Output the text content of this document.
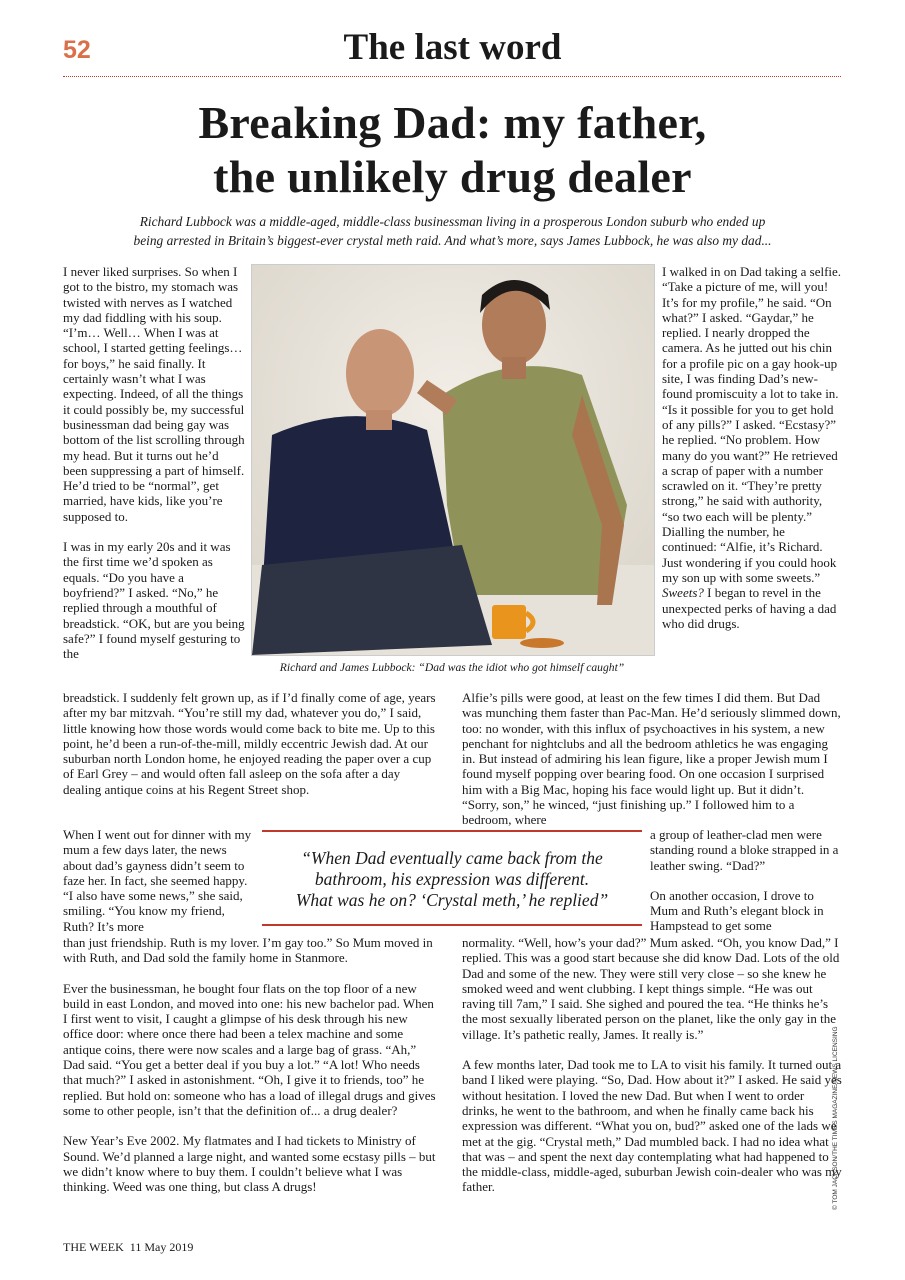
52	The last word
Breaking Dad: my father,
the unlikely drug dealer
Richard Lubbock was a middle-aged, middle-class businessman living in a prosperous London suburb who ended up
being arrested in Britain’s biggest-ever crystal meth raid. And what’s more, says James Lubbock, he was also my dad...
Richard and James Lubbock: “Dad was the idiot who got himself caught”

I never liked surprises. So when I got to the bistro, my stomach was twisted with nerves as I watched my dad fiddling with his soup. “I’m… Well… When I was at school, I started getting feelings… for boys,” he said finally. It certainly wasn’t what I was expecting. Indeed, of all the things it could possibly be, my successful businessman dad being gay was bottom of the list scrolling through my head. But it turns out he’d been suppressing a part of himself. He’d tried to be “normal”, get married, have kids, like you’re supposed to.

I was in my early 20s and it was the first time we’d spoken as equals. “Do you have a boyfriend?” I asked. “No,” he replied through a mouthful of breadstick. “OK, but are you being safe?” I found myself gesturing to the

I walked in on Dad taking a selfie. “Take a picture of me, will you! It’s for my profile,” he said. “On what?” I asked. “Gaydar,” he replied. I nearly dropped the camera. As he jutted out his chin for a profile pic on a gay hook-up site, I was finding Dad’s new-found promiscuity a lot to take in. “Is it possible for you to get hold of any pills?” I asked. “Ecstasy?” he replied. “No problem. How many do you want?” He retrieved a scrap of paper with a number scrawled on it. “They’re pretty strong,” he said with authority, “so two each will be plenty.” Dialling the number, he continued: “Alfie, it’s Richard. Just wondering if you could hook my son up with some sweets.” Sweets? I began to revel in the unexpected perks of having a dad who did drugs.

breadstick. I suddenly felt grown up, as if I’d finally come of age, years after my bar mitzvah. “You’re still my dad, whatever you do,” I said, little knowing how those words would come back to bite me. Up to this point, he’d been a run-of-the-mill, mildly eccentric Jewish dad. At our suburban north London home, he enjoyed reading the paper over a cup of Earl Grey – and would often fall asleep on the sofa after a day dealing antique coins at his Regent Street shop.

When I went out for dinner with my mum a few days later, the news about dad’s gayness didn’t seem to faze her. In fact, she seemed happy. “I also have some news,” she said, smiling. “You know my friend, Ruth? It’s more

than just friendship. Ruth is my lover. I’m gay too.” So Mum moved in with Ruth, and Dad sold the family home in Stanmore.

Ever the businessman, he bought four flats on the top floor of a new build in east London, and moved into one: his new bachelor pad. When I first went to visit, I caught a glimpse of his desk through his new office door: where once there had been a telex machine and some antique coins, there were now scales and a large bag of grass. “Ah,” Dad said. “You get a better deal if you buy a lot.” “A lot! Who needs that much?” I asked in astonishment. “Oh, I give it to friends, too” he replied. But hold on: someone who has a load of illegal drugs and gives some to other people, isn’t that the definition of... a drug dealer?

New Year’s Eve 2002. My flatmates and I had tickets to Ministry of Sound. We’d planned a large night, and wanted some ecstasy pills – but we didn’t know where to buy them. I couldn’t believe what I was thinking. Weed was one thing, but class A drugs!

Alfie’s pills were good, at least on the few times I did them. But Dad was munching them faster than Pac-Man. He’d seriously slimmed down, too: no wonder, with this influx of psychoactives in his system, a new penchant for nightclubs and all the bedroom athletics he was engaging in. But instead of admiring his lean figure, like a proper Jewish mum I found myself popping over bearing food. On one occasion I surprised him with a Big Mac, hoping his face would light up. But it didn’t. “Sorry, son,” he winced, “just finishing up.” I followed him to a bedroom, where

a group of leather-clad men were standing round a bloke strapped in a leather swing. “Dad?”

On another occasion, I drove to Mum and Ruth’s elegant block in Hampstead to get some

normality. “Well, how’s your dad?” Mum asked. “Oh, you know Dad,” I replied. This was a good start because she did know Dad. Lots of the old Dad and some of the new. They were still very close – so she knew he smoked weed and went clubbing. I kept things simple. “He was out raving till 7am,” I said. She sighed and poured the tea. “He thinks he’s the most sexually liberated person on the planet, like the only gay in the village. It’s pathetic really, James. It really is.”

A few months later, Dad took me to LA to visit his family. It turned out a band I liked were playing. “So, Dad. How about it?” I asked. He said yes without hesitation. I loved the new Dad. But when I went to order drinks, he went to the bathroom, and when he finally came back his expression was different. “What you on, bud?” asked one of the lads we met at the gig. “Crystal meth,” Dad mumbled back. I had no idea what that was – and spent the next day contemplating what had happened to the middle-class, middle-aged, suburban Jewish coin-dealer who was my father.

“When Dad eventually came back from the
bathroom, his expression was different.
What was he on? ‘Crystal meth,’ he replied”
© TOM JACKSON/THE TIMES MAGAZINE/NEWS LICENSING
THE WEEK 11 May 2019
